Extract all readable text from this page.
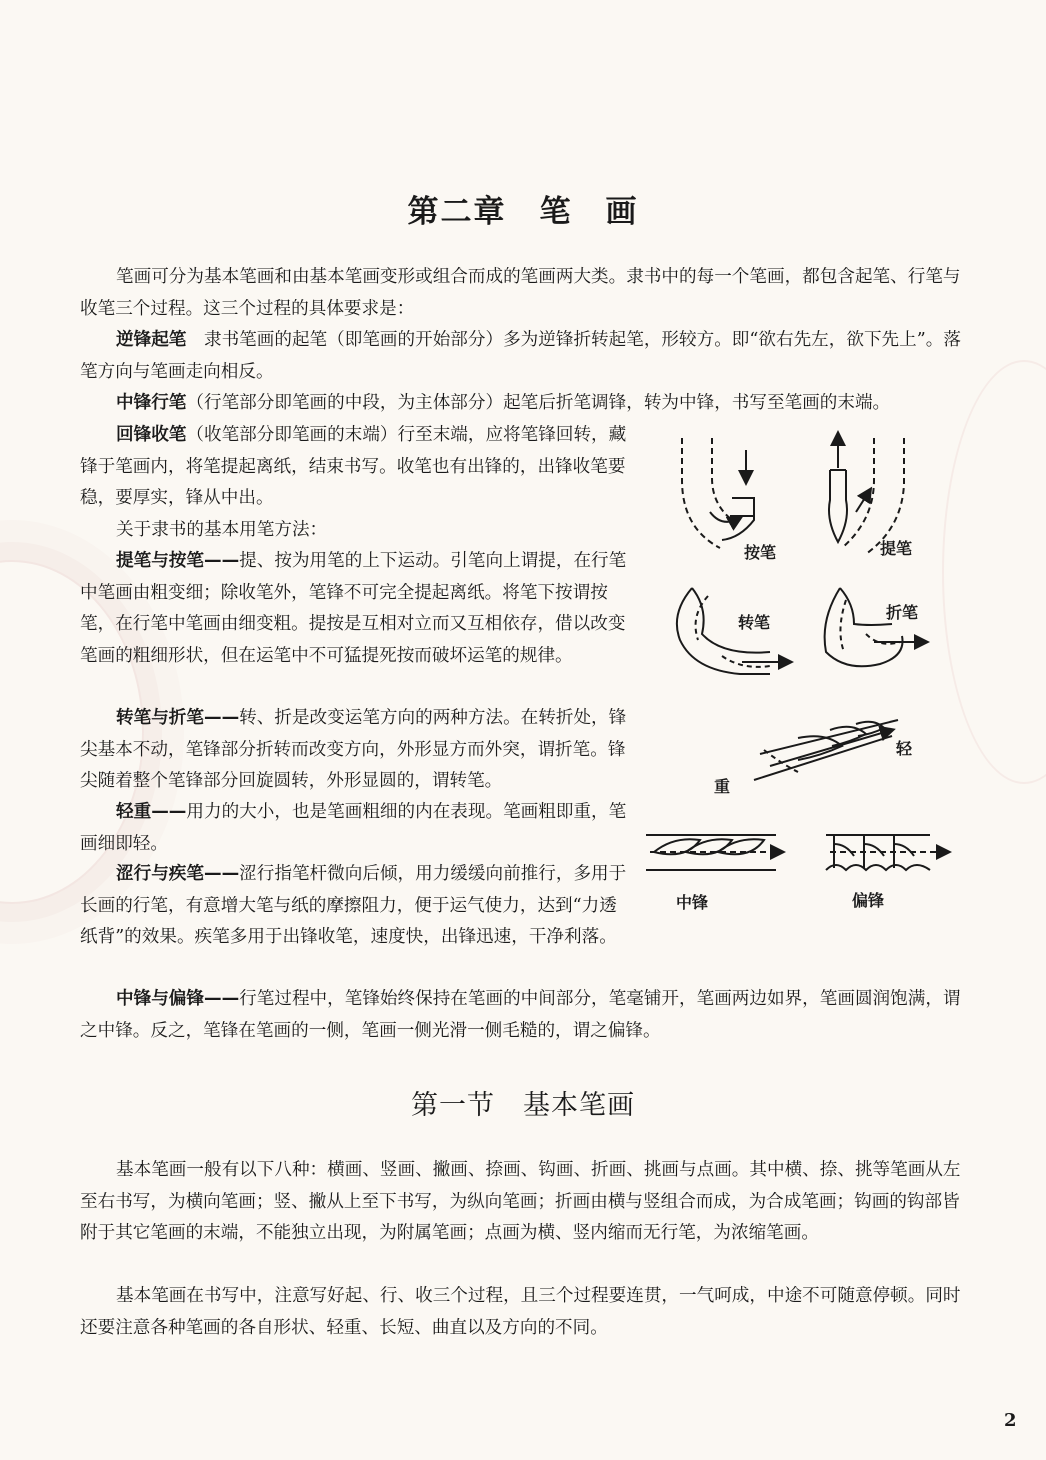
第二章　笔　画

笔画可分为基本笔画和由基本笔画变形或组合而成的笔画两大类。隶书中的每一个笔画，都包含起笔、行笔与收笔三个过程。这三个过程的具体要求是：

逆锋起笔　隶书笔画的起笔（即笔画的开始部分）多为逆锋折转起笔，形较方。即“欲右先左，欲下先上”。落笔方向与笔画走向相反。

中锋行笔（行笔部分即笔画的中段，为主体部分）起笔后折笔调锋，转为中锋，书写至笔画的末端。

回锋收笔（收笔部分即笔画的末端）行至末端，应将笔锋回转，藏锋于笔画内，将笔提起离纸，结束书写。收笔也有出锋的，出锋收笔要稳，要厚实，锋从中出。

关于隶书的基本用笔方法：

提笔与按笔——提、按为用笔的上下运动。引笔向上谓提，在行笔中笔画由粗变细；除收笔外，笔锋不可完全提起离纸。将笔下按谓按笔，在行笔中笔画由细变粗。提按是互相对立而又互相依存，借以改变笔画的粗细形状，但在运笔中不可猛提死按而破坏运笔的规律。

转笔与折笔——转、折是改变运笔方向的两种方法。在转折处，锋尖基本不动，笔锋部分折转而改变方向，外形显方而外突，谓折笔。锋尖随着整个笔锋部分回旋圆转，外形显圆的，谓转笔。

轻重——用力的大小，也是笔画粗细的内在表现。笔画粗即重，笔画细即轻。

涩行与疾笔——涩行指笔杆微向后倾，用力缓缓向前推行，多用于长画的行笔，有意增大笔与纸的摩擦阻力，便于运气使力，达到“力透纸背”的效果。疾笔多用于出锋收笔，速度快，出锋迅速，干净利落。

中锋与偏锋——行笔过程中，笔锋始终保持在笔画的中间部分，笔毫铺开，笔画两边如界，笔画圆润饱满，谓之中锋。反之，笔锋在笔画的一侧，笔画一侧光滑一侧毛糙的，谓之偏锋。

第一节　基本笔画

基本笔画一般有以下八种：横画、竖画、撇画、捺画、钩画、折画、挑画与点画。其中横、捺、挑等笔画从左至右书写，为横向笔画；竖、撇从上至下书写，为纵向笔画；折画由横与竖组合而成，为合成笔画；钩画的钩部皆附于其它笔画的末端，不能独立出现，为附属笔画；点画为横、竖内缩而无行笔，为浓缩笔画。

基本笔画在书写中，注意写好起、行、收三个过程，且三个过程要连贯，一气呵成，中途不可随意停顿。同时还要注意各种笔画的各自形状、轻重、长短、曲直以及方向的不同。

按笔	提笔
转笔
折笔
轻
重
中锋	偏锋
2
